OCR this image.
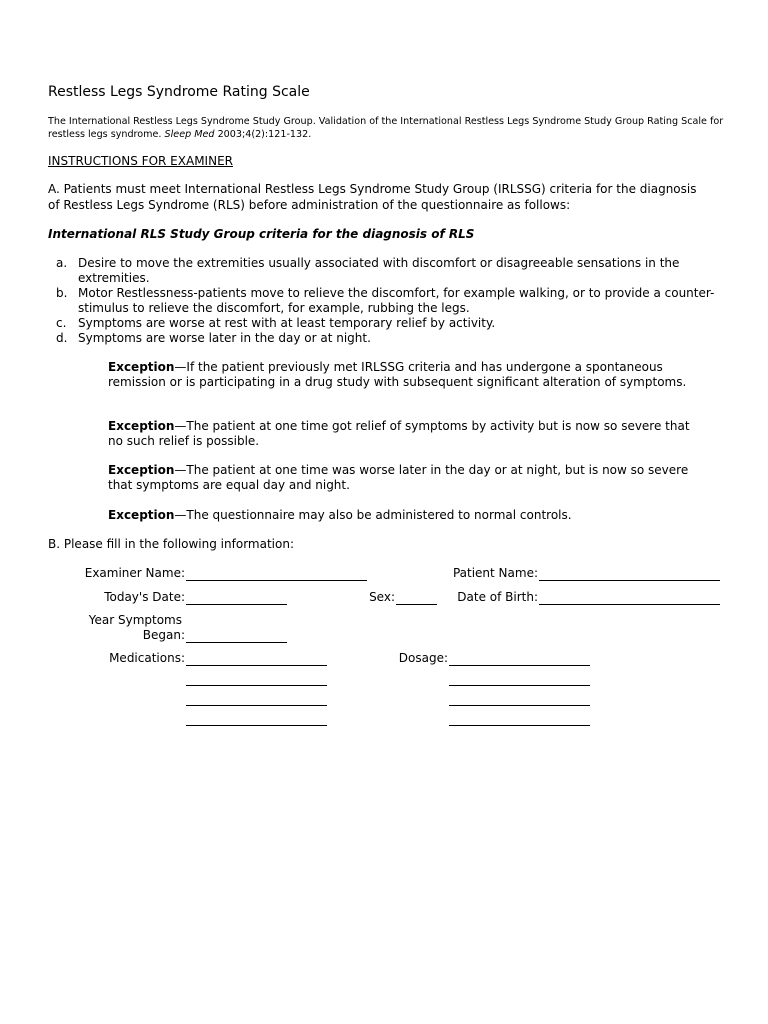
Restless Legs Syndrome Rating Scale
The International Restless Legs Syndrome Study Group. Validation of the International Restless Legs Syndrome Study Group Rating Scale for restless legs syndrome. Sleep Med 2003;4(2):121-132.
INSTRUCTIONS FOR EXAMINER
A. Patients must meet International Restless Legs Syndrome Study Group (IRLSSG) criteria for the diagnosis of Restless Legs Syndrome (RLS) before administration of the questionnaire as follows:
International RLS Study Group criteria for the diagnosis of RLS
a. Desire to move the extremities usually associated with discomfort or disagreeable sensations in the extremities.
b. Motor Restlessness-patients move to relieve the discomfort, for example walking, or to provide a counter-stimulus to relieve the discomfort, for example, rubbing the legs.
c. Symptoms are worse at rest with at least temporary relief by activity.
d. Symptoms are worse later in the day or at night.
Exception—If the patient previously met IRLSSG criteria and has undergone a spontaneous remission or is participating in a drug study with subsequent significant alteration of symptoms.
Exception—The patient at one time got relief of symptoms by activity but is now so severe that no such relief is possible.
Exception—The patient at one time was worse later in the day or at night, but is now so severe that symptoms are equal day and night.
Exception—The questionnaire may also be administered to normal controls.
B. Please fill in the following information:
Examiner Name:	Patient Name:
Today's Date:	Sex:	Date of Birth:
Year Symptoms
Began:
Medications:	Dosage:
